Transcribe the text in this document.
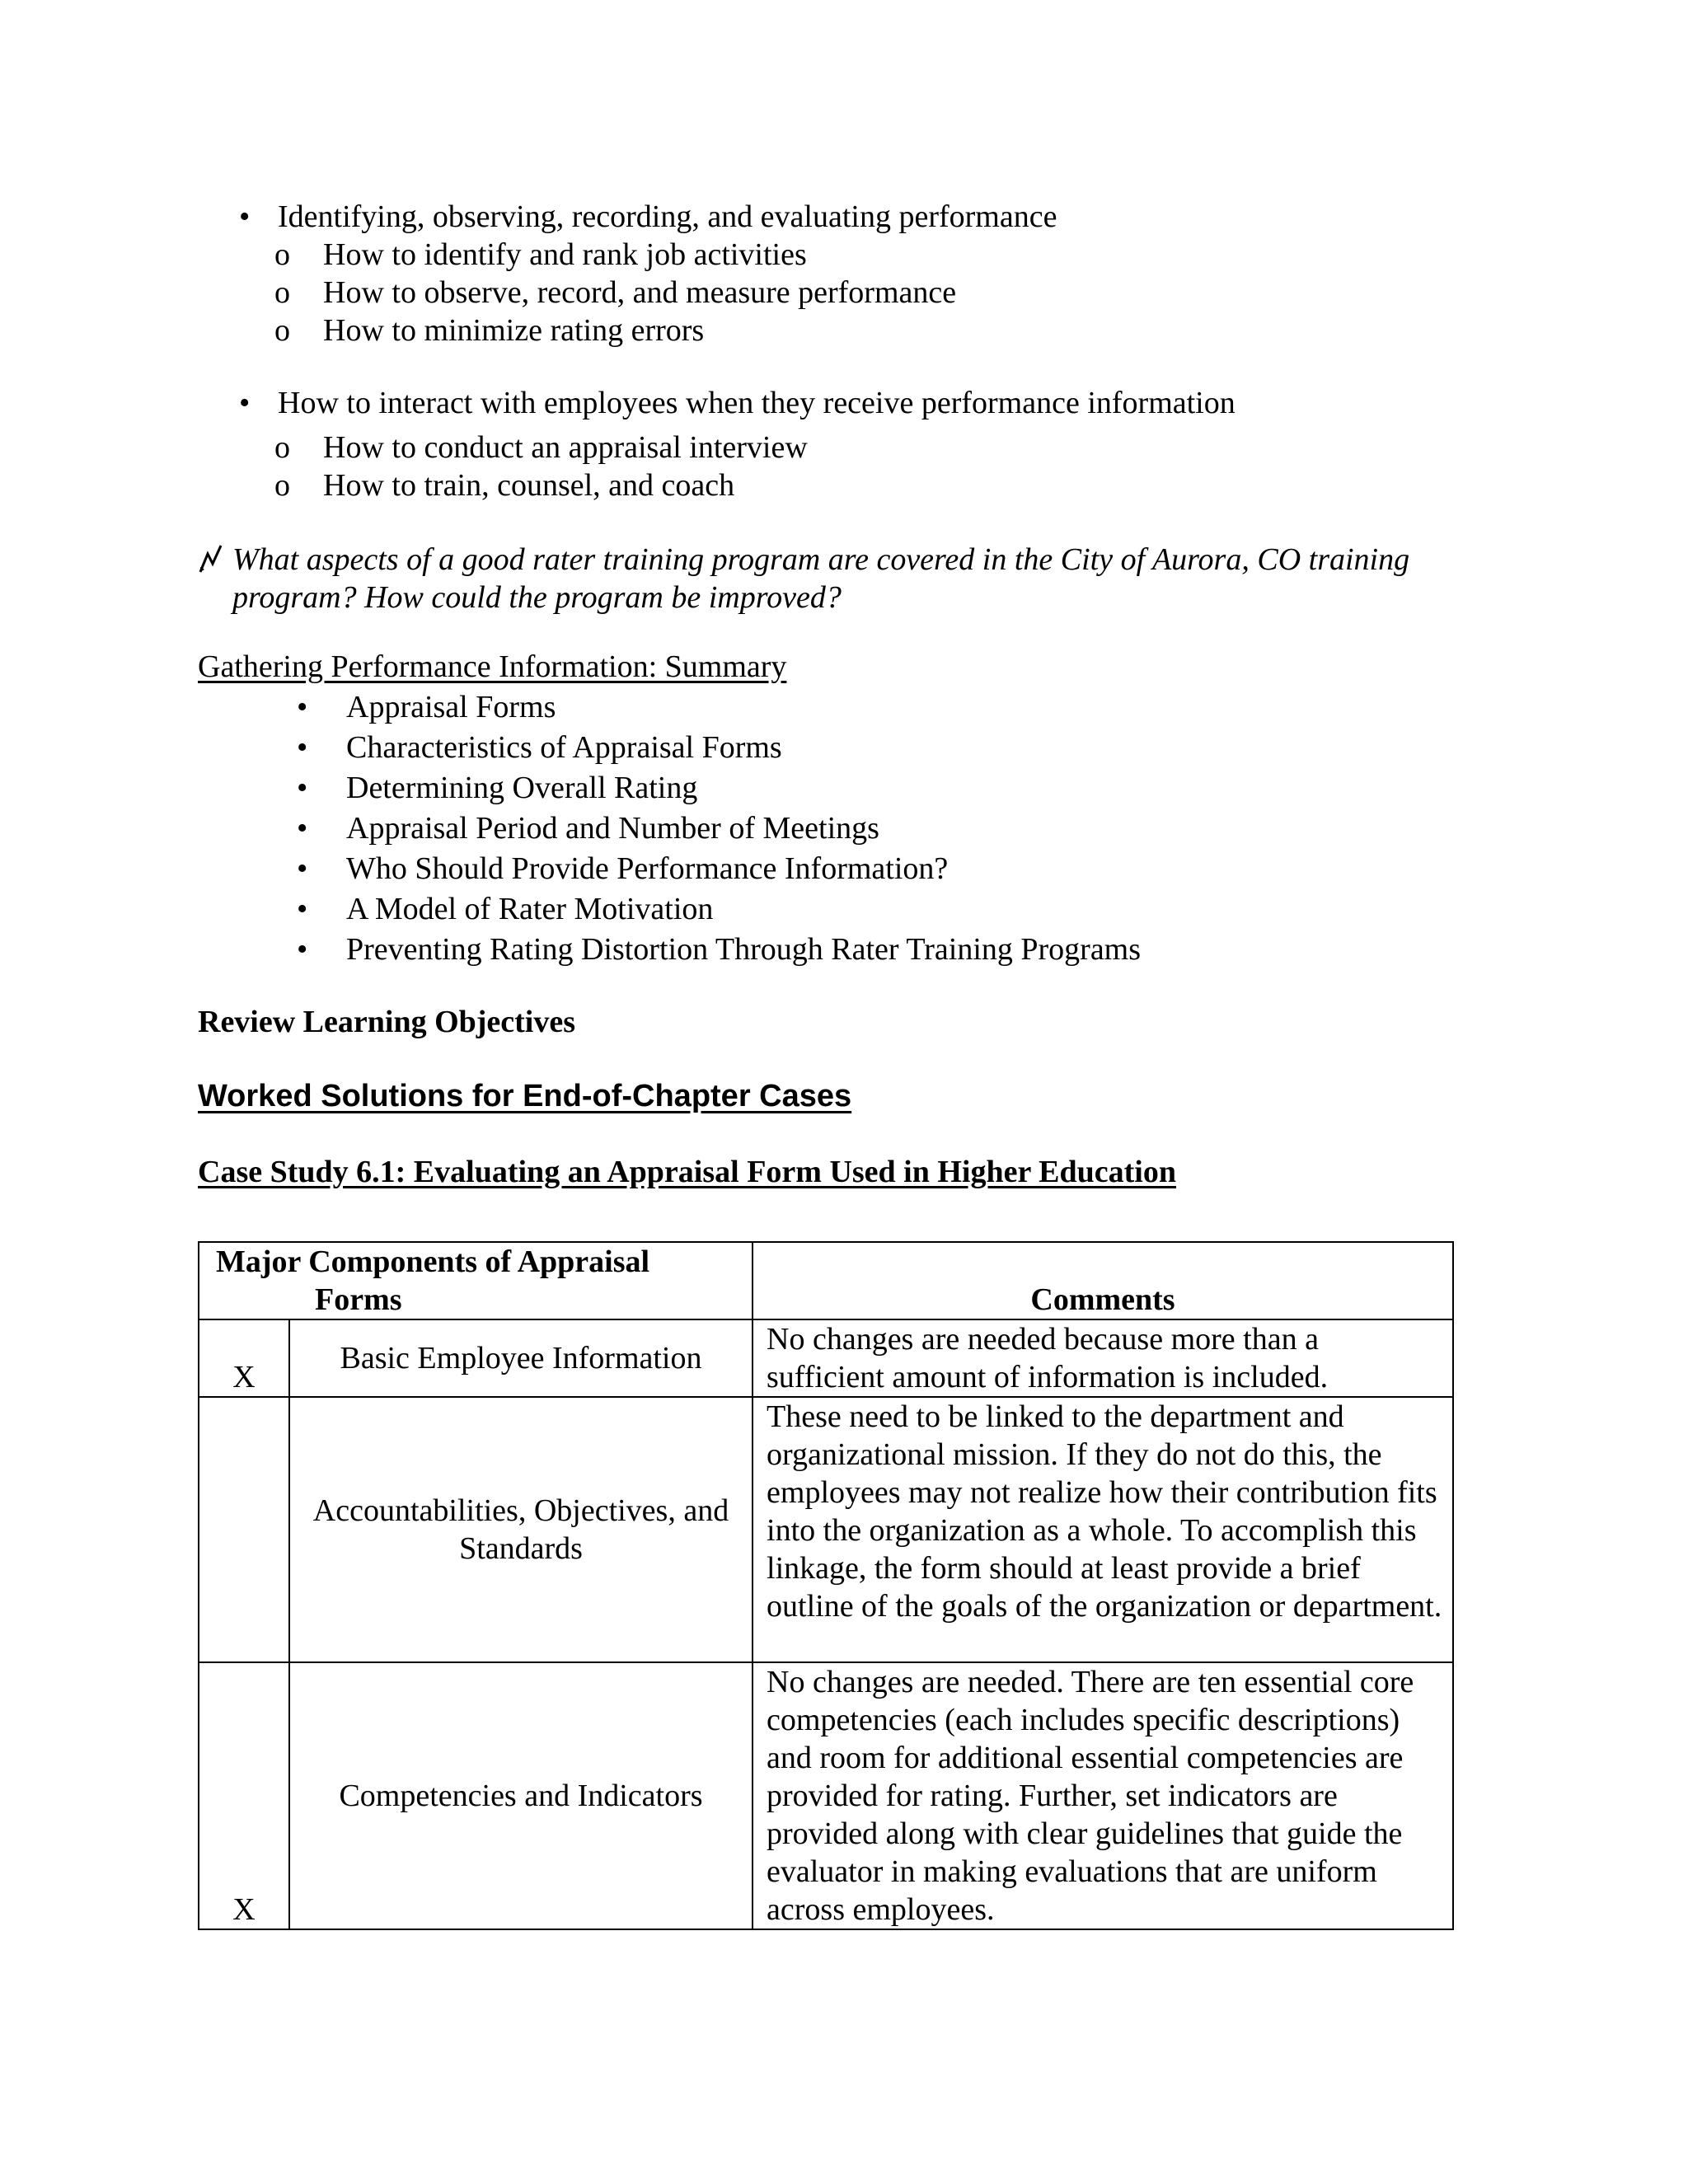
• Identifying, observing, recording, and evaluating performance
o How to identify and rank job activities
o How to observe, record, and measure performance
o How to minimize rating errors
• How to interact with employees when they receive performance information
o How to conduct an appraisal interview
o How to train, counsel, and coach
What aspects of a good rater training program are covered in the City of Aurora, CO training
program? How could the program be improved?
Gathering Performance Information: Summary
• Appraisal Forms
• Characteristics of Appraisal Forms
• Determining Overall Rating
• Appraisal Period and Number of Meetings
• Who Should Provide Performance Information?
• A Model of Rater Motivation
• Preventing Rating Distortion Through Rater Training Programs
Review Learning Objectives
Worked Solutions for End-of-Chapter Cases
Case Study 6.1: Evaluating an Appraisal Form Used in Higher Education
Major Components of Appraisal
Forms		Comments
X	Basic Employee Information	No changes are needed because more than a sufficient amount of information is included.
	Accountabilities, Objectives, and Standards	These need to be linked to the department and organizational mission. If they do not do this, the employees may not realize how their contribution fits into the organization as a whole. To accomplish this linkage, the form should at least provide a brief outline of the goals of the organization or department.
X	Competencies and Indicators	No changes are needed. There are ten essential core competencies (each includes specific descriptions) and room for additional essential competencies are provided for rating. Further, set indicators are provided along with clear guidelines that guide the evaluator in making evaluations that are uniform across employees.
